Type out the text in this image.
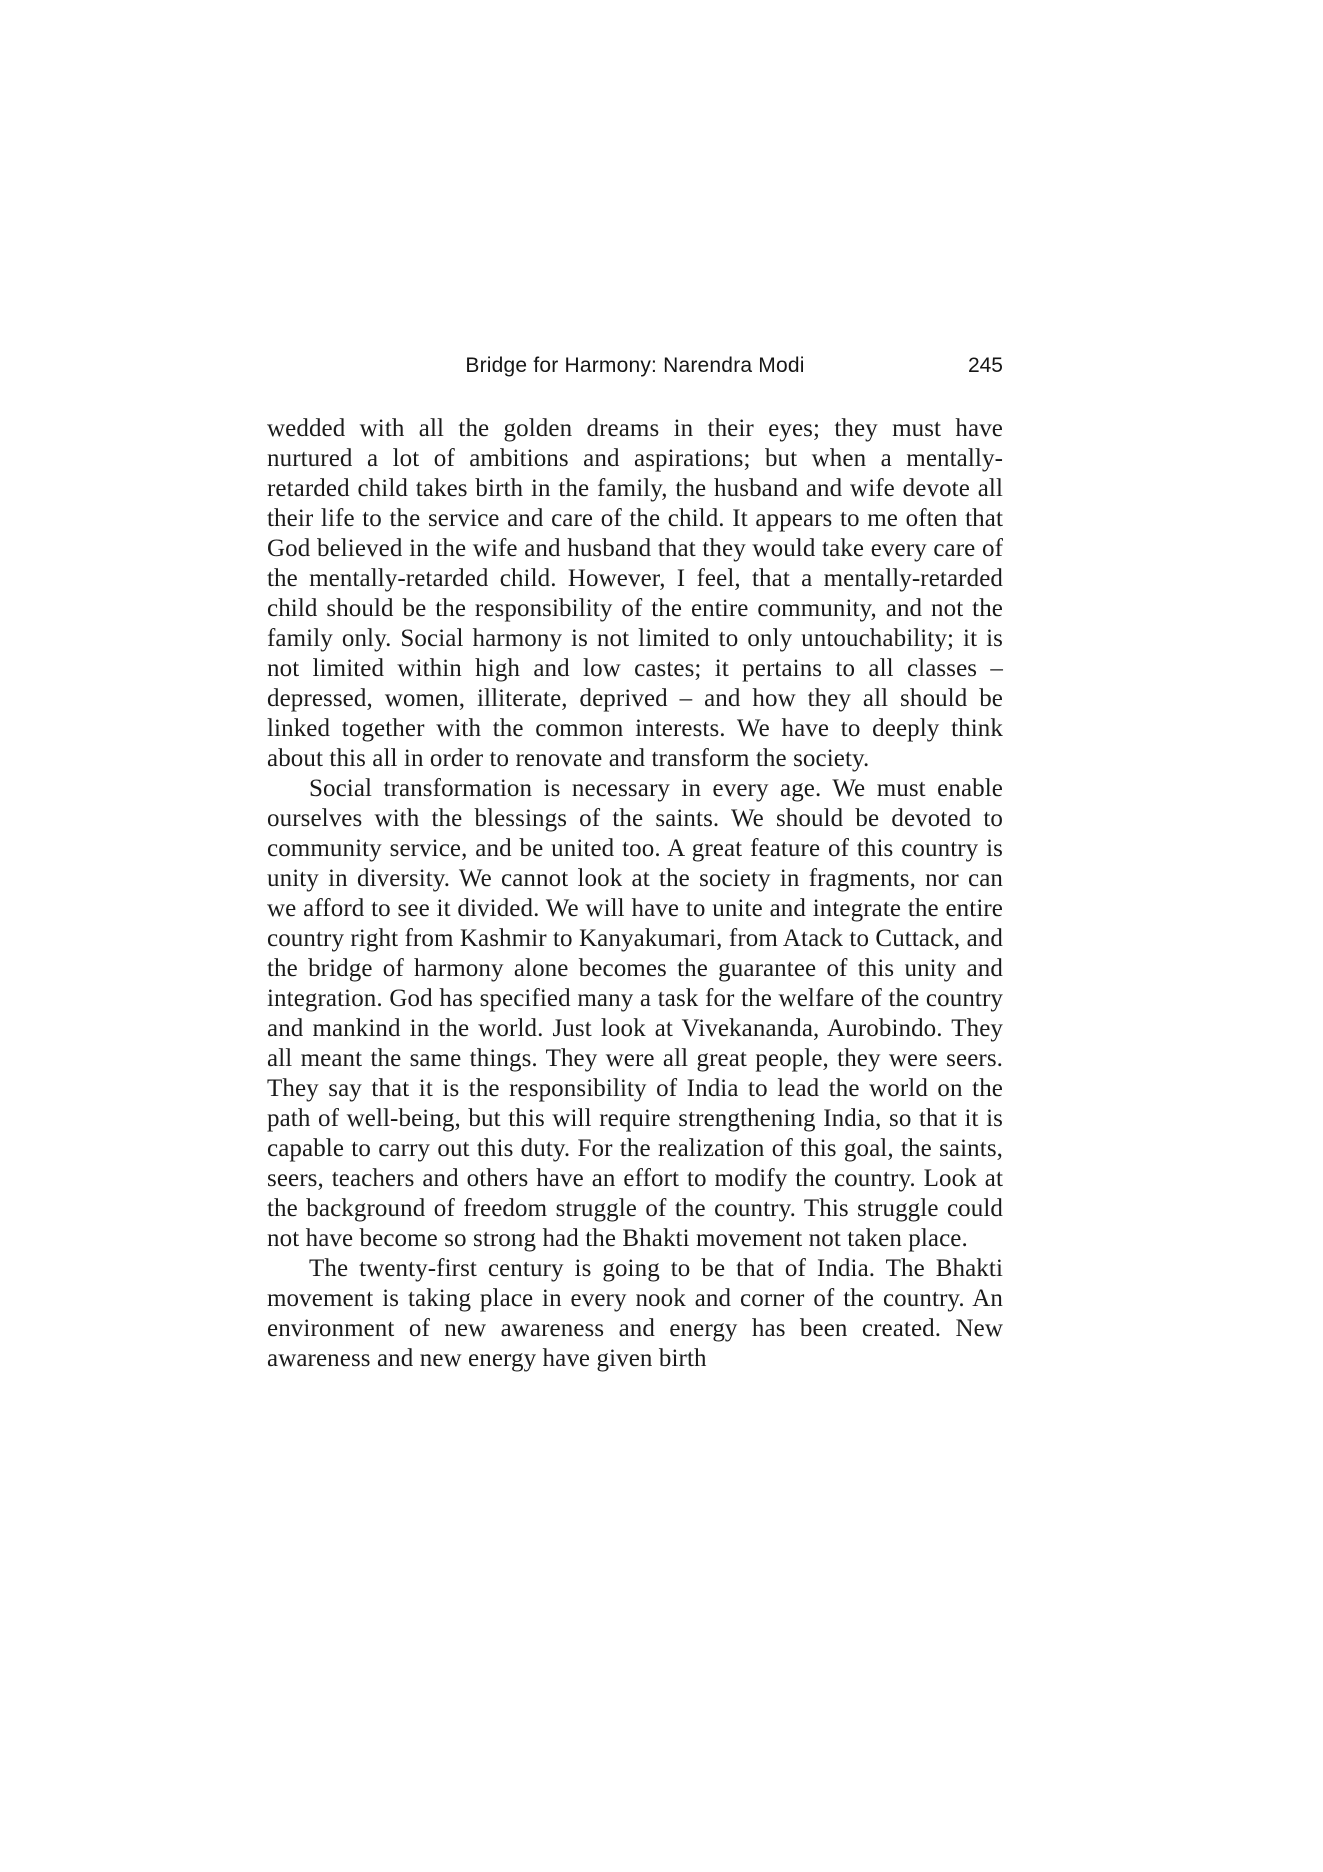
Bridge for Harmony: Narendra Modi	245

wedded with all the golden dreams in their eyes; they must have nurtured a lot of ambitions and aspirations; but when a mentally-retarded child takes birth in the family, the husband and wife devote all their life to the service and care of the child. It appears to me often that God believed in the wife and husband that they would take every care of the mentally-retarded child. However, I feel, that a mentally-retarded child should be the responsibility of the entire community, and not the family only. Social harmony is not limited to only untouchability; it is not limited within high and low castes; it pertains to all classes – depressed, women, illiterate, deprived – and how they all should be linked together with the common interests. We have to deeply think about this all in order to renovate and transform the society.

Social transformation is necessary in every age. We must enable ourselves with the blessings of the saints. We should be devoted to community service, and be united too. A great feature of this country is unity in diversity. We cannot look at the society in fragments, nor can we afford to see it divided. We will have to unite and integrate the entire country right from Kashmir to Kanyakumari, from Atack to Cuttack, and the bridge of harmony alone becomes the guarantee of this unity and integration. God has specified many a task for the welfare of the country and mankind in the world. Just look at Vivekananda, Aurobindo. They all meant the same things. They were all great people, they were seers. They say that it is the responsibility of India to lead the world on the path of well-being, but this will require strengthening India, so that it is capable to carry out this duty. For the realization of this goal, the saints, seers, teachers and others have an effort to modify the country. Look at the background of freedom struggle of the country. This struggle could not have become so strong had the Bhakti movement not taken place.

The twenty-first century is going to be that of India. The Bhakti movement is taking place in every nook and corner of the country. An environment of new awareness and energy has been created. New awareness and new energy have given birth
